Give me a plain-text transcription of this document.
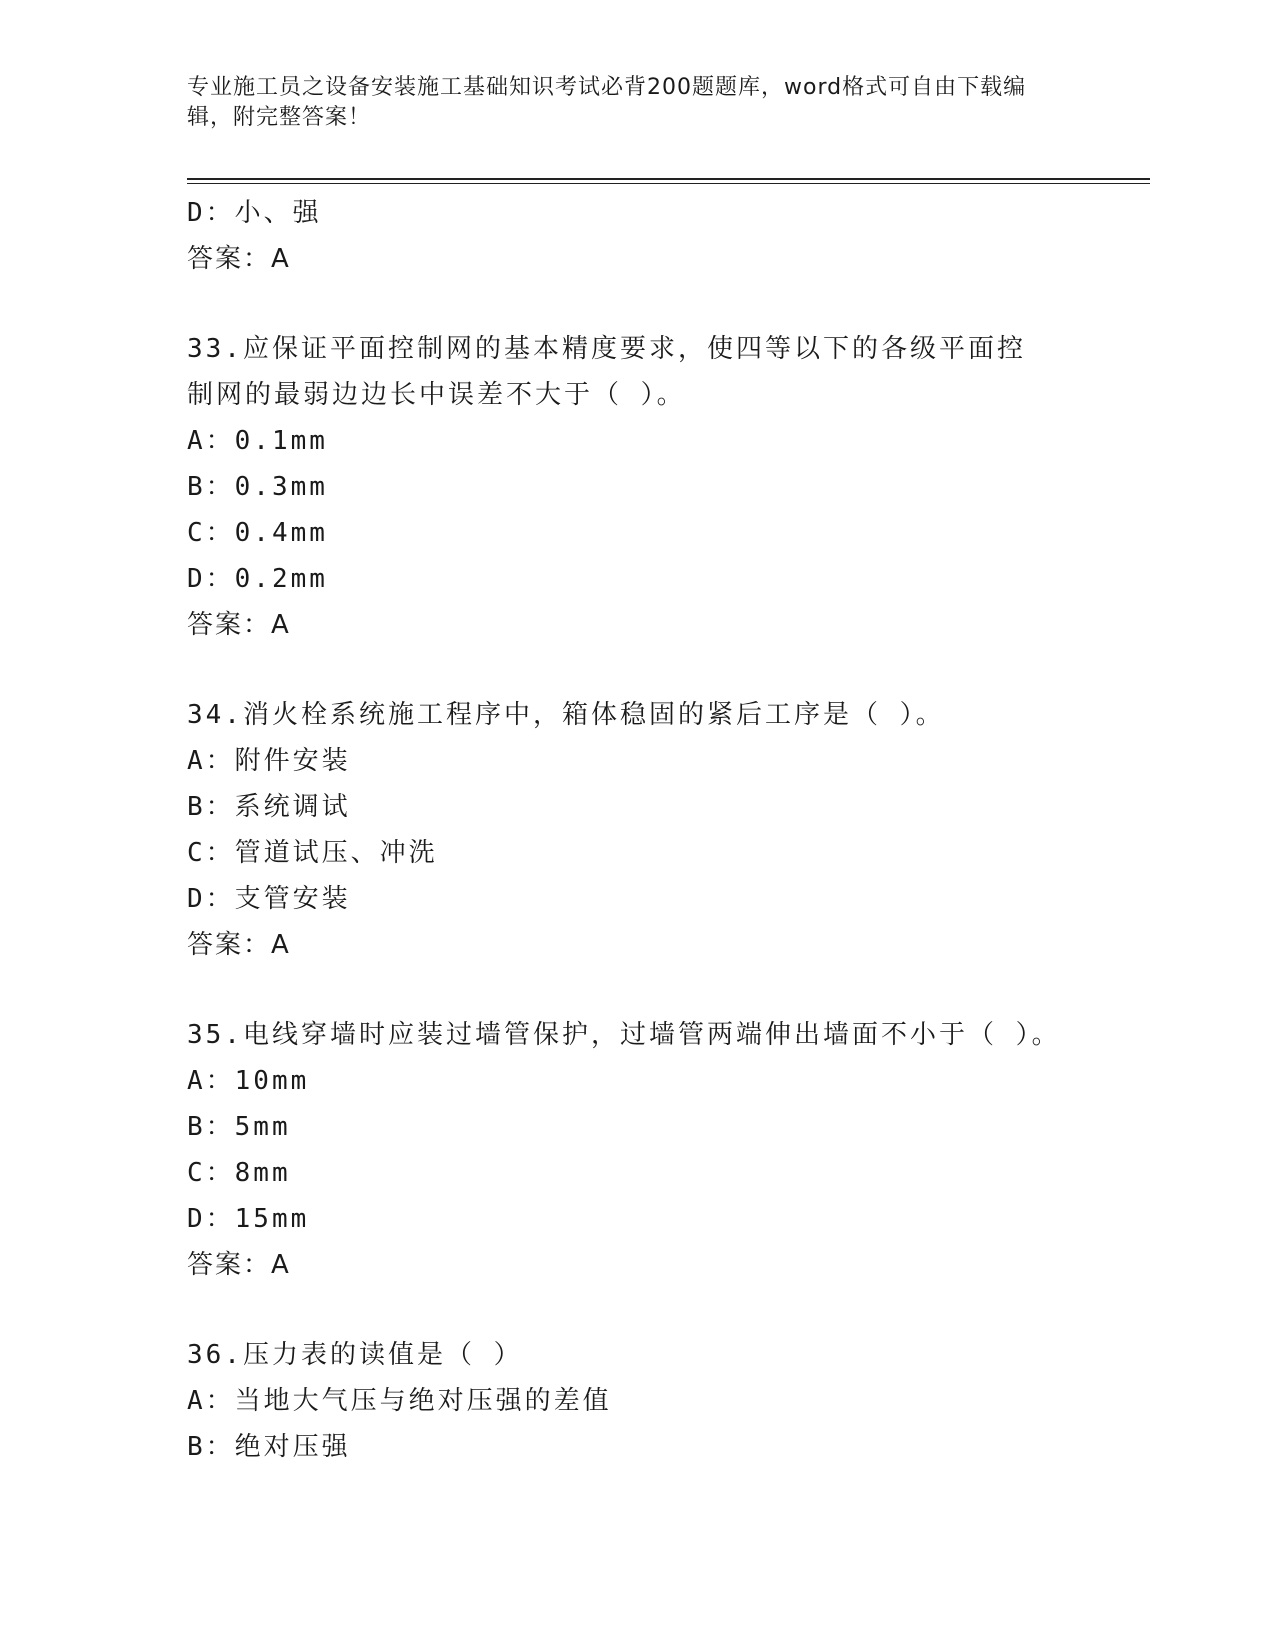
专业施工员之设备安装施工基础知识考试必背200题题库，word格式可自由下载编辑，附完整答案！
D：小、强
答案：A
33.应保证平面控制网的基本精度要求，使四等以下的各级平面控制网的最弱边边长中误差不大于（ ）。
A：0.1mm
B：0.3mm
C：0.4mm
D：0.2mm
答案：A
34.消火栓系统施工程序中，箱体稳固的紧后工序是（ ）。
A：附件安装
B：系统调试
C：管道试压、冲洗
D：支管安装
答案：A
35.电线穿墙时应装过墙管保护，过墙管两端伸出墙面不小于（ ）。
A：10mm
B：5mm
C：8mm
D：15mm
答案：A
36.压力表的读值是（ ）
A：当地大气压与绝对压强的差值
B：绝对压强
